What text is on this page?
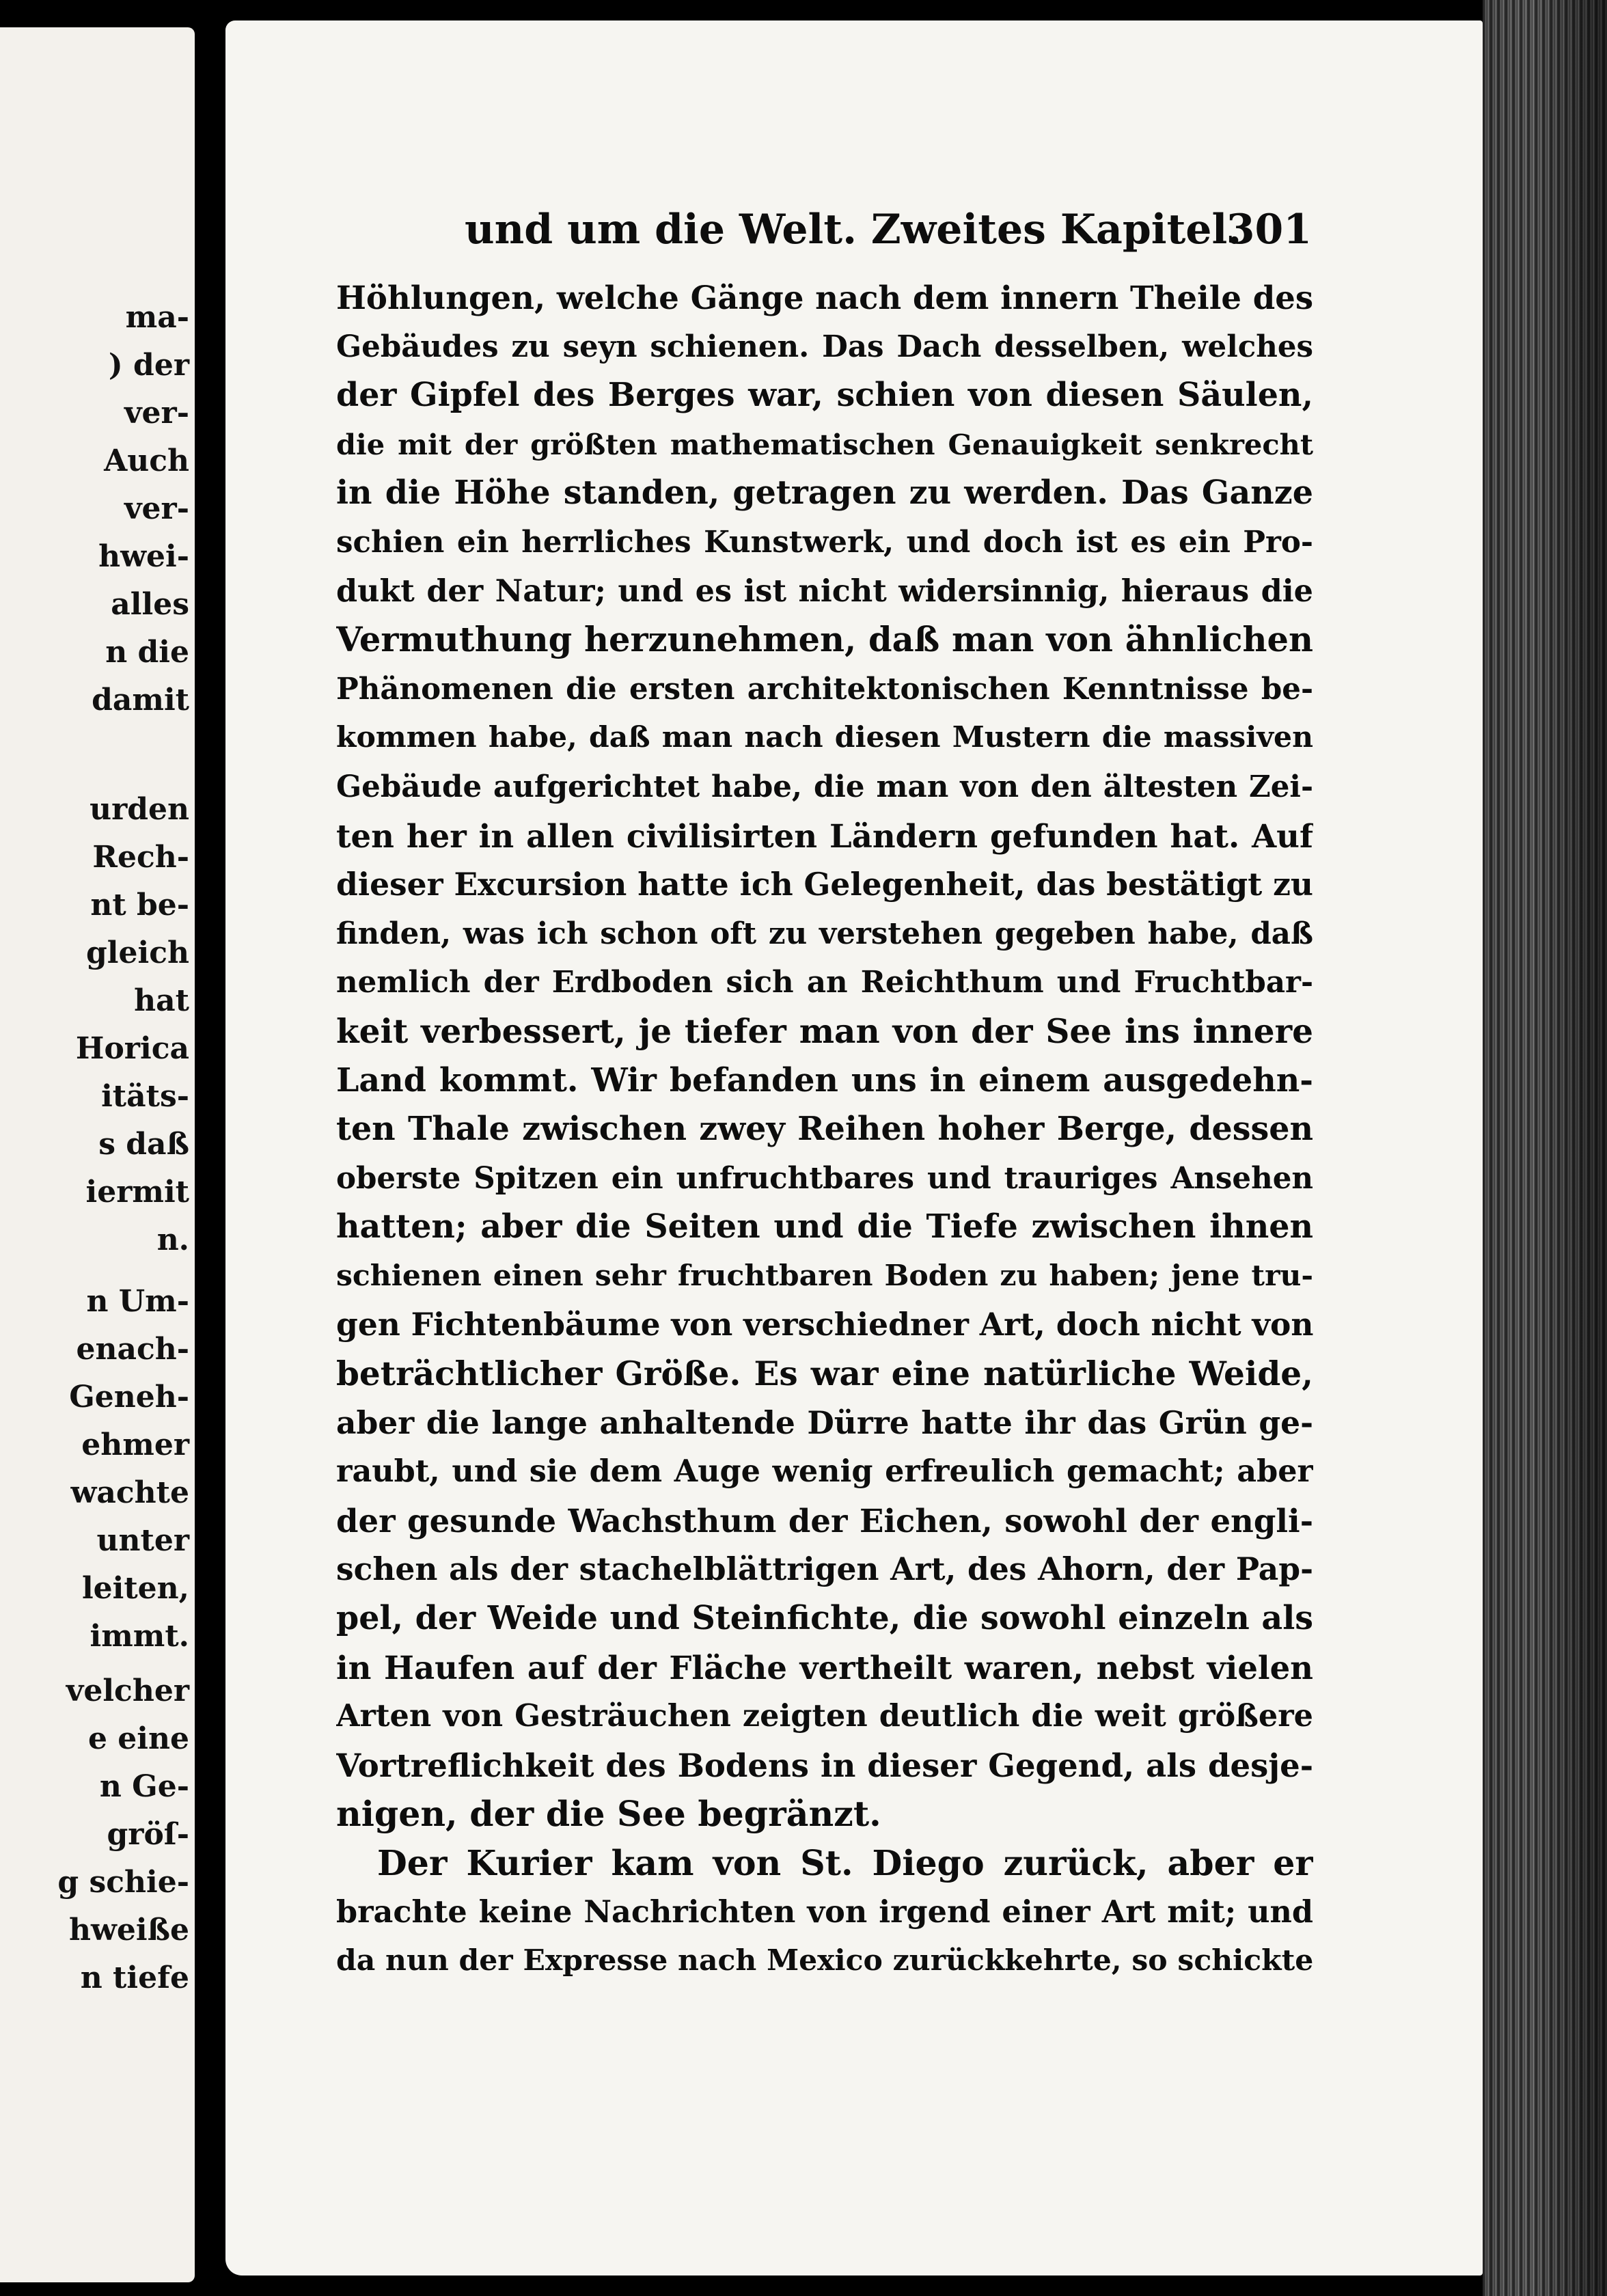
ma-
) der
ver-
Auch
ver-
hwei-
alles
n die
damit
urden
Rech-
nt be-
gleich
hat
Horica
itäts-
s daß
iermit
n.
n Um-
enach-
Geneh-
ehmer
wachte
unter
leiten,
immt.
velcher
e eine
n Ge-
gröſ-
g schie-
hweiße
n tiefe
und um die Welt. Zweites Kapitel.
301
Höhlungen, welche Gänge nach dem innern Theile des
Gebäudes zu seyn schienen. Das Dach desselben, welches
der Gipfel des Berges war, schien von diesen Säulen,
die mit der größten mathematischen Genauigkeit senkrecht
in die Höhe standen, getragen zu werden. Das Ganze
schien ein herrliches Kunstwerk, und doch ist es ein Pro-
dukt der Natur; und es ist nicht widersinnig, hieraus die
Vermuthung herzunehmen, daß man von ähnlichen
Phänomenen die ersten architektonischen Kenntnisse be-
kommen habe, daß man nach diesen Mustern die massiven
Gebäude aufgerichtet habe, die man von den ältesten Zei-
ten her in allen civilisirten Ländern gefunden hat. Auf
dieser Excursion hatte ich Gelegenheit, das bestätigt zu
finden, was ich schon oft zu verstehen gegeben habe, daß
nemlich der Erdboden sich an Reichthum und Fruchtbar-
keit verbessert, je tiefer man von der See ins innere
Land kommt. Wir befanden uns in einem ausgedehn-
ten Thale zwischen zwey Reihen hoher Berge, dessen
oberste Spitzen ein unfruchtbares und trauriges Ansehen
hatten; aber die Seiten und die Tiefe zwischen ihnen
schienen einen sehr fruchtbaren Boden zu haben; jene tru-
gen Fichtenbäume von verschiedner Art, doch nicht von
beträchtlicher Größe. Es war eine natürliche Weide,
aber die lange anhaltende Dürre hatte ihr das Grün ge-
raubt, und sie dem Auge wenig erfreulich gemacht; aber
der gesunde Wachsthum der Eichen, sowohl der engli-
schen als der stachelblättrigen Art, des Ahorn, der Pap-
pel, der Weide und Steinfichte, die sowohl einzeln als
in Haufen auf der Fläche vertheilt waren, nebst vielen
Arten von Gesträuchen zeigten deutlich die weit größere
Vortreflichkeit des Bodens in dieser Gegend, als desje-
nigen, der die See begränzt.
Der Kurier kam von St. Diego zurück, aber er
brachte keine Nachrichten von irgend einer Art mit; und
da nun der Expresse nach Mexico zurückkehrte, so schickte
